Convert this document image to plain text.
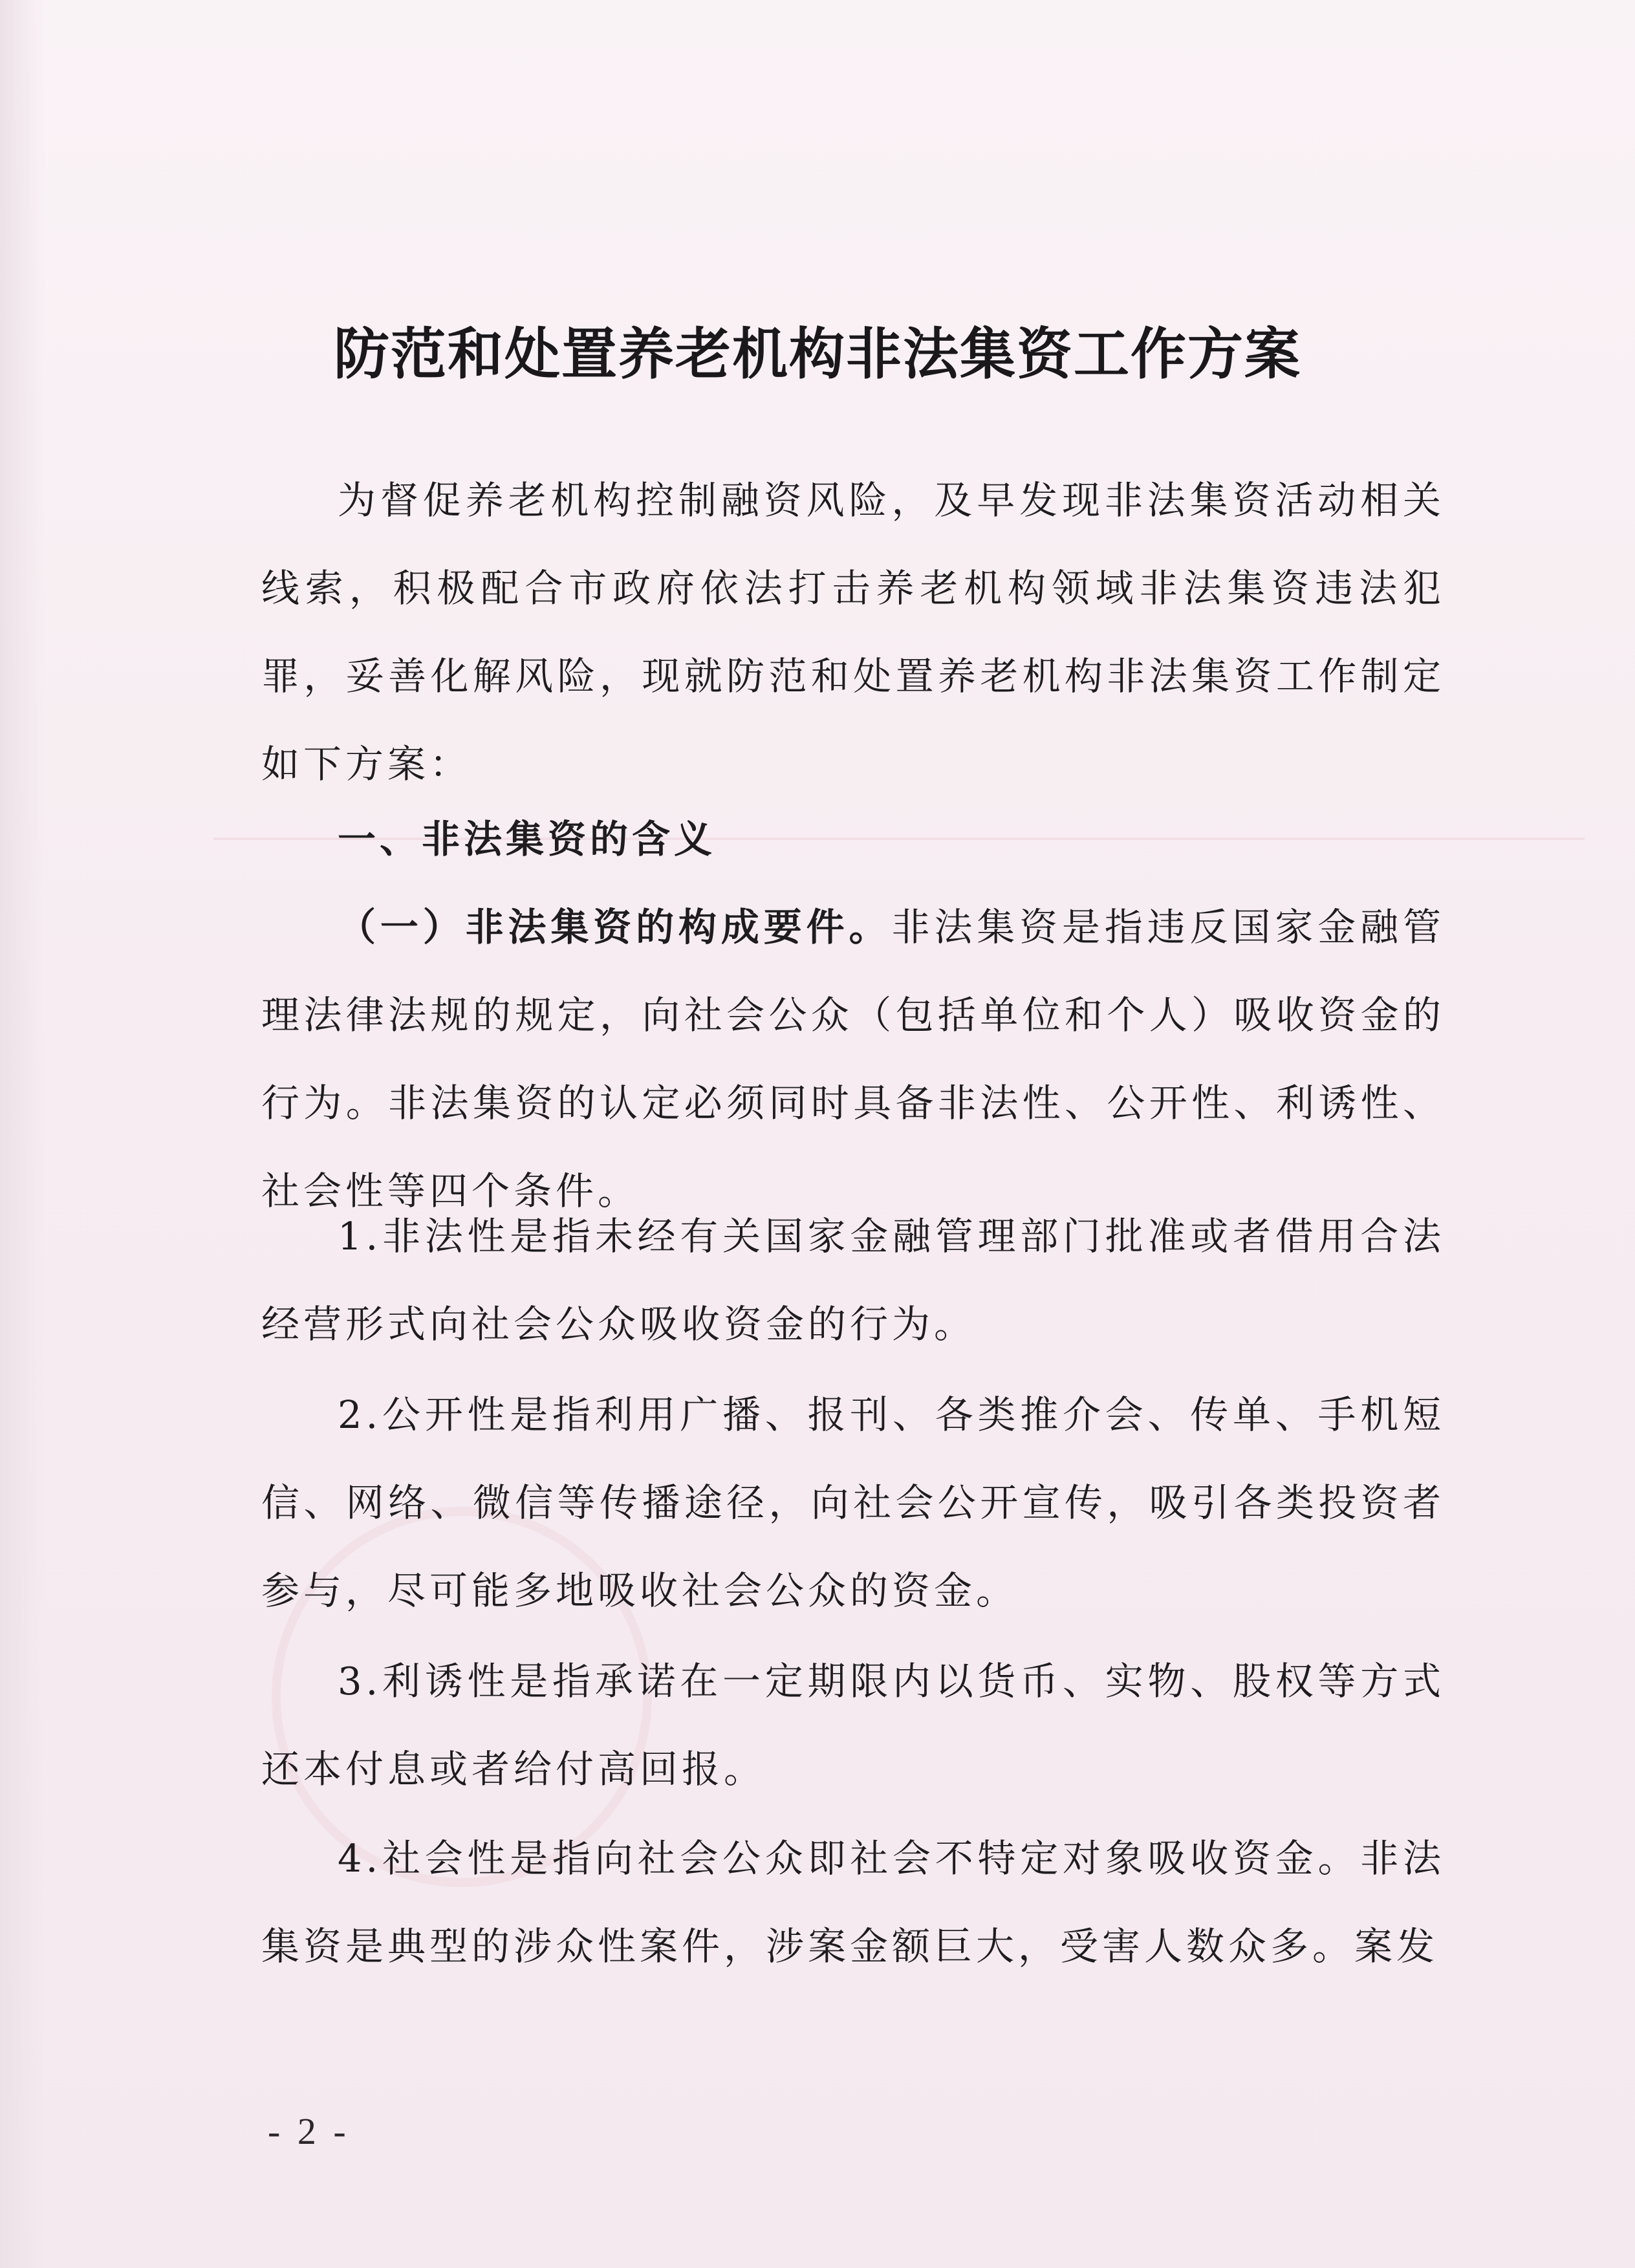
防范和处置养老机构非法集资工作方案

为督促养老机构控制融资风险，及早发现非法集资活动相关线索，积极配合市政府依法打击养老机构领域非法集资违法犯罪，妥善化解风险，现就防范和处置养老机构非法集资工作制定如下方案：

一、非法集资的含义

（一）非法集资的构成要件。非法集资是指违反国家金融管理法律法规的规定，向社会公众（包括单位和个人）吸收资金的行为。非法集资的认定必须同时具备非法性、公开性、利诱性、社会性等四个条件。

1.非法性是指未经有关国家金融管理部门批准或者借用合法经营形式向社会公众吸收资金的行为。

2.公开性是指利用广播、报刊、各类推介会、传单、手机短信、网络、微信等传播途径，向社会公开宣传，吸引各类投资者参与，尽可能多地吸收社会公众的资金。

3.利诱性是指承诺在一定期限内以货币、实物、股权等方式还本付息或者给付高回报。

4.社会性是指向社会公众即社会不特定对象吸收资金。非法集资是典型的涉众性案件，涉案金额巨大，受害人数众多。案发

- 2 -
